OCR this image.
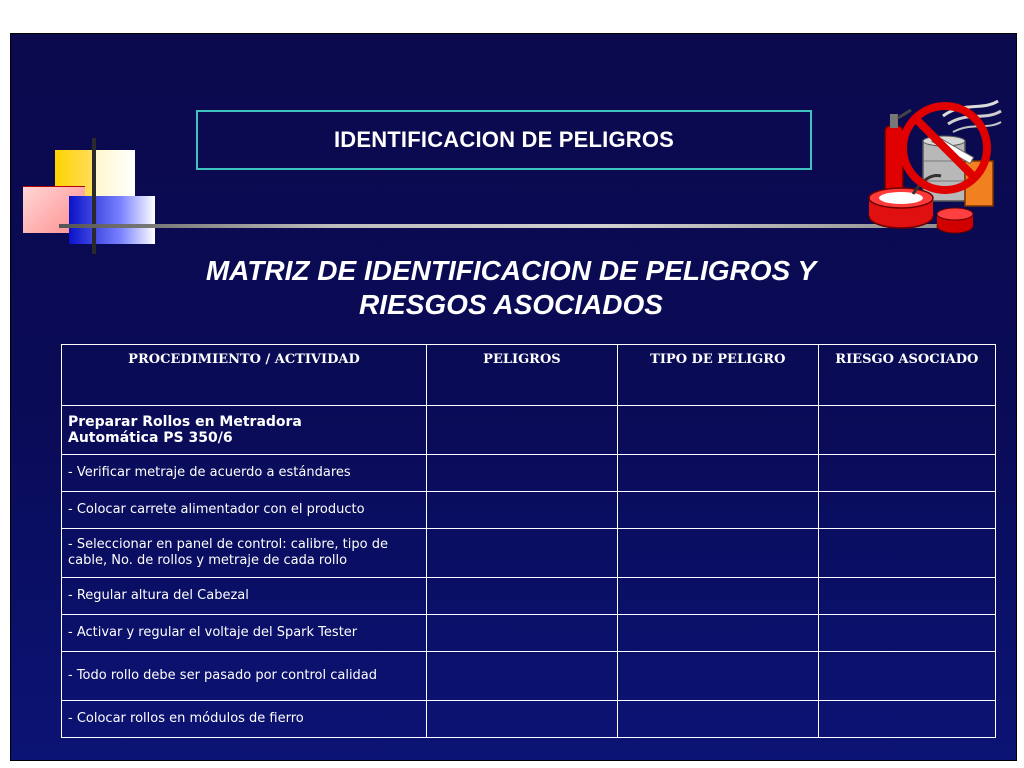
IDENTIFICACION DE PELIGROS
MATRIZ DE IDENTIFICACION DE PELIGROS Y
RIESGOS ASOCIADOS
PROCEDIMIENTO / ACTIVIDAD	PELIGROS	TIPO DE PELIGRO	RIESGO ASOCIADO

Preparar Rollos en Metradora
Automática PS 350/6			

- Verificar metraje de acuerdo a estándares			
- Colocar carrete alimentador con el producto			
- Seleccionar en panel de control: calibre, tipo de cable, No. de rollos y metraje de cada rollo			
- Regular altura del Cabezal			
- Activar y regular el voltaje del Spark Tester			
- Todo rollo debe ser pasado por control calidad			
- Colocar rollos en módulos de fierro			
